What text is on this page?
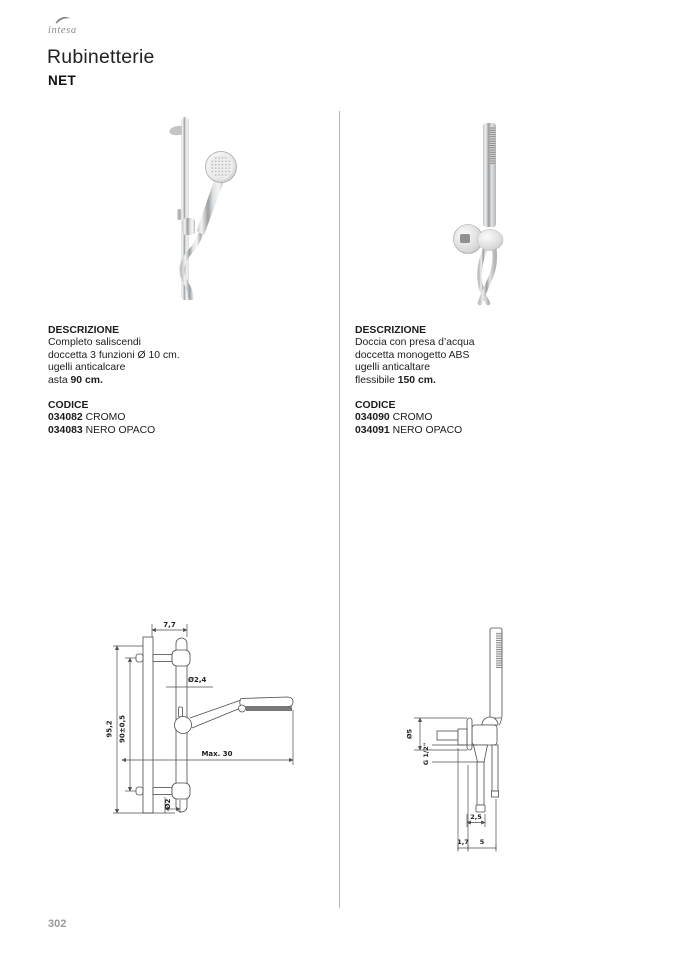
intesa
Rubinetterie
NET
DESCRIZIONE
Completo saliscendi
doccetta 3 funzioni Ø 10 cm.
ugelli anticalcare
asta 90 cm.
CODICE
034082 CROMO
034083 NERO OPACO
DESCRIZIONE
Doccia con presa d’acqua
doccetta monogetto ABS
ugelli anticaltare
flessibile 150 cm.
CODICE
034090 CROMO
034091 NERO OPACO
7,7
Ø2,4
95,2 90±0,5
Max. 30
Ø2
Ø5
G 1/2"
2,5
1,7 5
302
